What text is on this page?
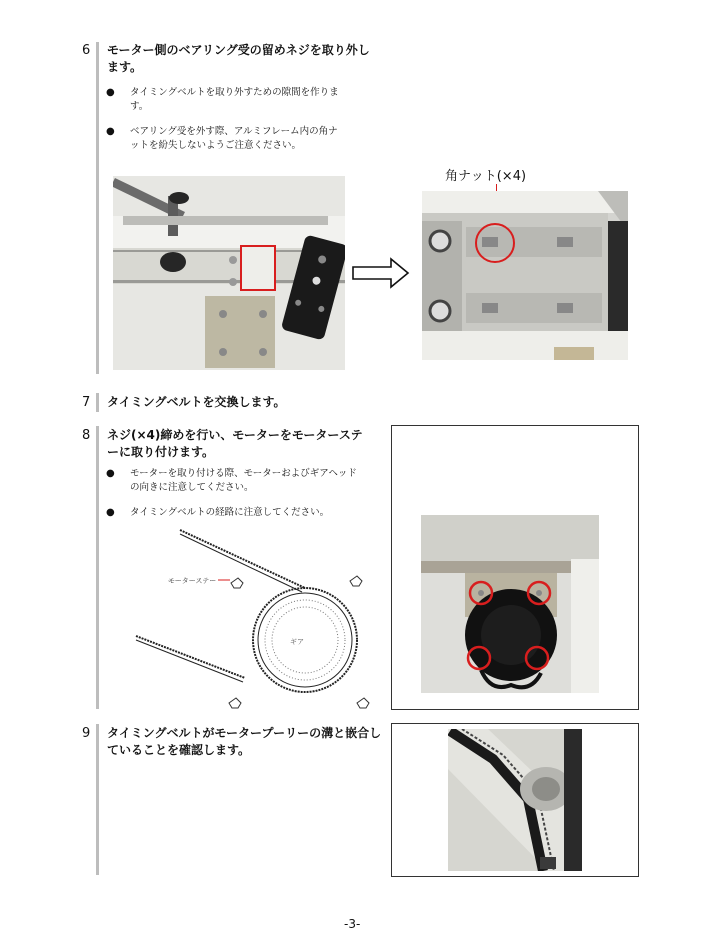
6 モーター側のベアリング受の留めネジを取り外し
ます。
● タイミングベルトを取り外すための隙間を作りま
す。
● ベアリング受を外す際、アルミフレーム内の角ナ
ットを紛失しないようご注意ください。
角ナット(×4)
7 タイミングベルトを交換します。
8 ネジ(×4)締めを行い、モーターをモーターステ
ーに取り付けます。
● モーターを取り付ける際、モーターおよびギアヘッド
の向きに注意してください。
● タイミングベルトの経路に注意してください。
モーターステー
ギア
9 タイミングベルトがモータープーリーの溝と嵌合し
ていることを確認します。
-3-
